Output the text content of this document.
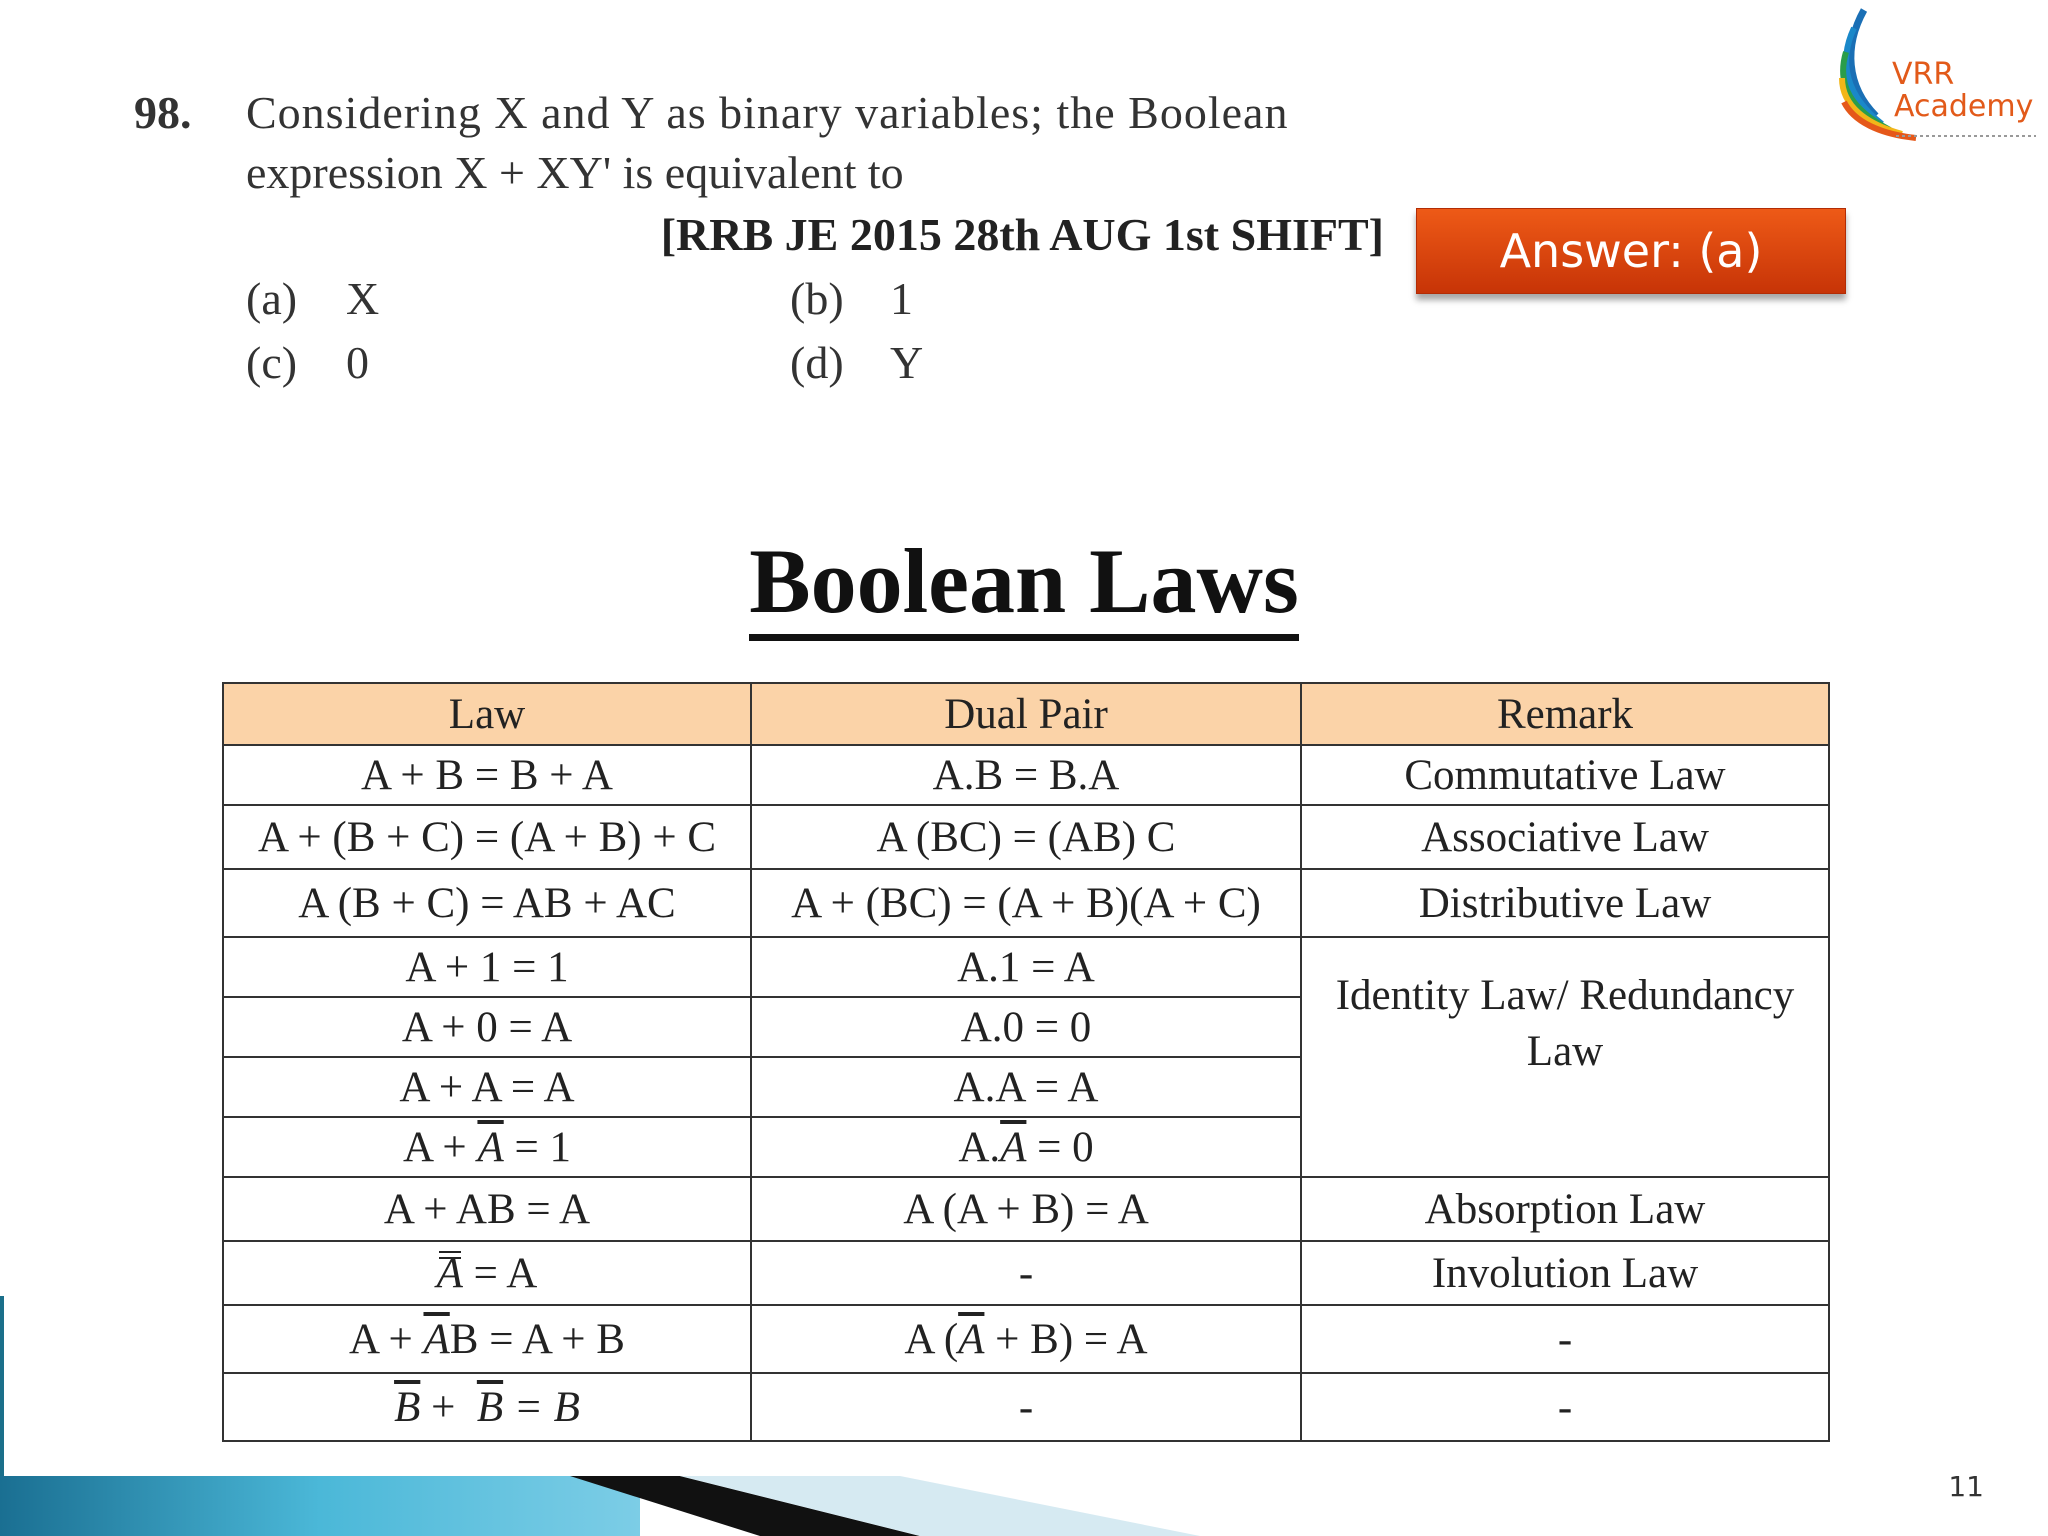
98. Considering X and Y as binary variables; the Boolean
expression X + XY' is equivalent to
[RRB JE 2015 28th AUG 1st SHIFT]
(a) X	(b) 1
(c) 0	(d) Y
Answer: (a)
VRR
Academy
Boolean Laws
Law	Dual Pair	Remark
A + B = B + A	A.B = B.A	Commutative Law
A + (B + C) = (A + B) + C	A (BC) = (AB) C	Associative Law
A (B + C) = AB + AC	A + (BC) = (A + B)(A + C)	Distributive Law
A + 1 = 1	A.1 = A	Identity Law/ Redundancy
Law
A + 0 = A	A.0 = 0	
A + A = A	A.A = A	
$A + \overline{A} = 1$	$A.\overline{A} = 0$	
A + AB = A	A (A + B) = A	Absorption Law
A = A	-	Involution Law
$A + \overline{A}B = A + B$	A $(\overline{A} + B) = A$	-
$\overline{B} + \overline{B} = B$	-	-
11
